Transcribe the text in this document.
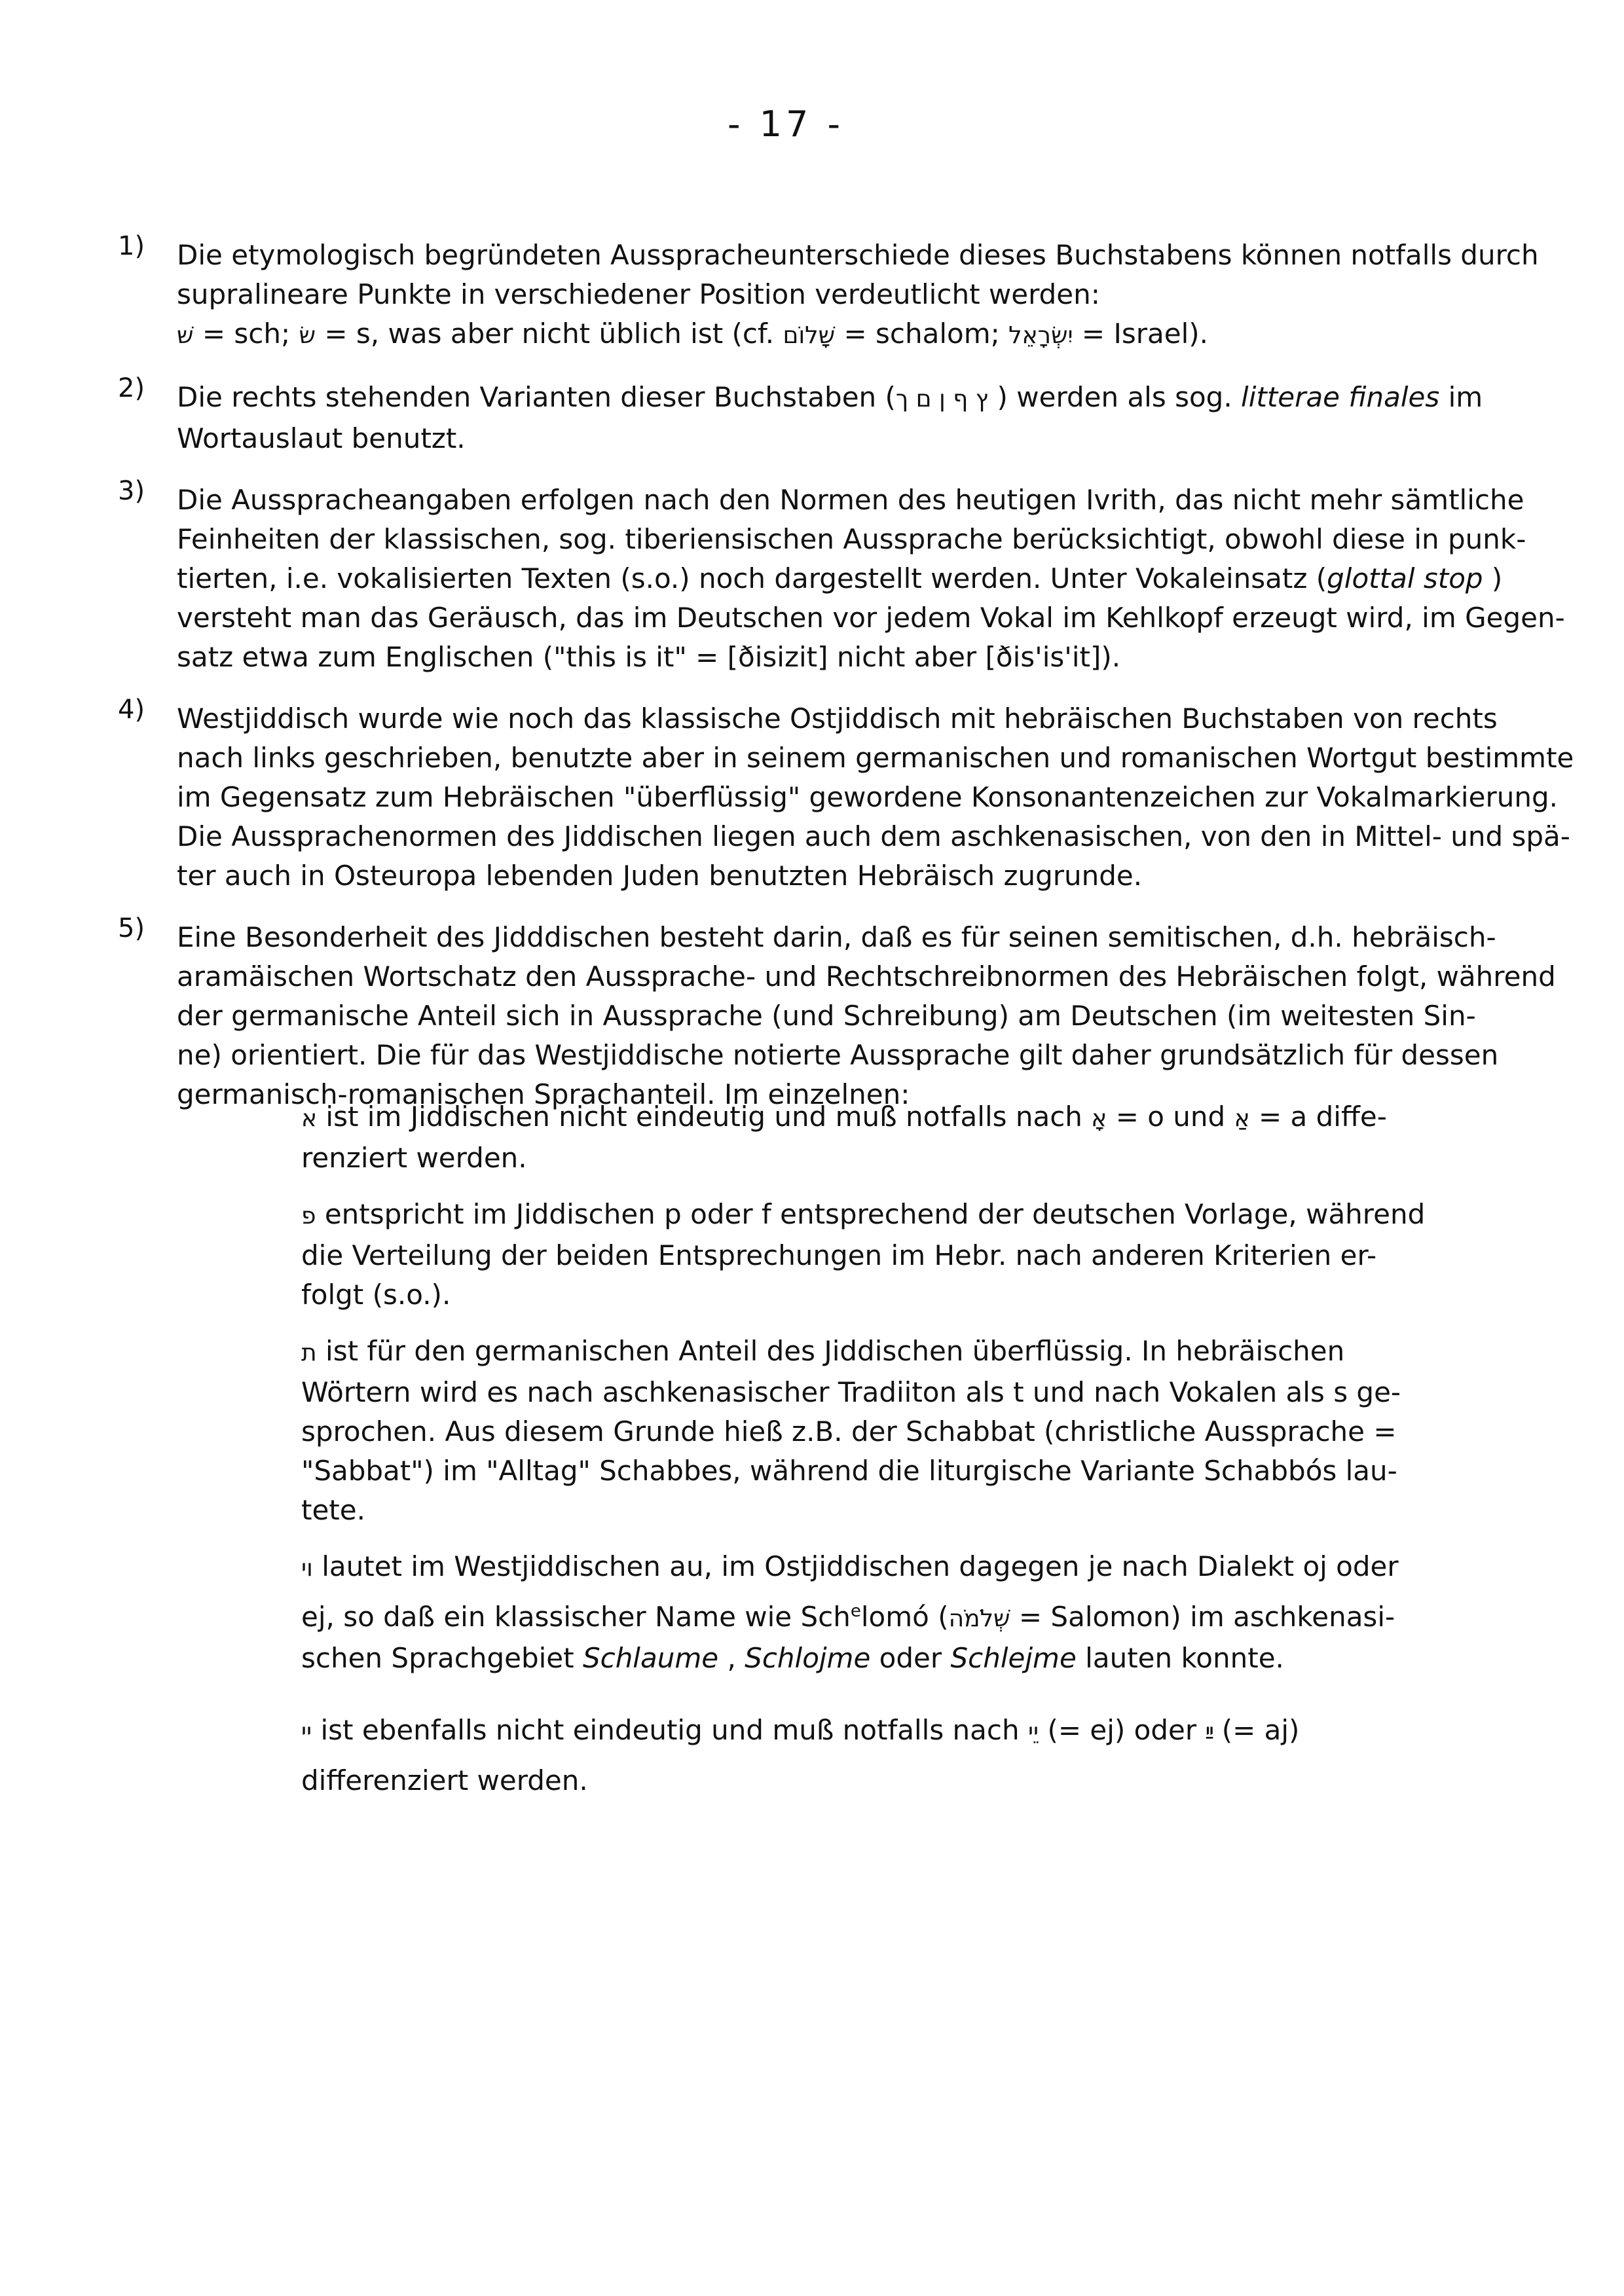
- 17 -
1) Die etymologisch begründeten Ausspracheunterschiede dieses Buchstabens können notfalls durch
supralineare Punkte in verschiedener Position verdeutlicht werden:
שׁ = sch; שׂ = s, was aber nicht üblich ist (cf. שָׁלוֹם = schalom; יִשְׂרָאֵל = Israel).
2) Die rechts stehenden Varianten dieser Buchstaben (ץ ף ן ם ך ) werden als sog. litterae finales im
Wortauslaut benutzt.
3) Die Ausspracheangaben erfolgen nach den Normen des heutigen Ivrith, das nicht mehr sämtliche
Feinheiten der klassischen, sog. tiberiensischen Aussprache berücksichtigt, obwohl diese in punk-
tierten, i.e. vokalisierten Texten (s.o.) noch dargestellt werden. Unter Vokaleinsatz (glottal stop )
versteht man das Geräusch, das im Deutschen vor jedem Vokal im Kehlkopf erzeugt wird, im Gegen-
satz etwa zum Englischen ("this is it" = [ðisizit] nicht aber [ðis'is'it]).
4) Westjiddisch wurde wie noch das klassische Ostjiddisch mit hebräischen Buchstaben von rechts
nach links geschrieben, benutzte aber in seinem germanischen und romanischen Wortgut bestimmte
im Gegensatz zum Hebräischen "überflüssig" gewordene Konsonantenzeichen zur Vokalmarkierung.
Die Aussprachenormen des Jiddischen liegen auch dem aschkenasischen, von den in Mittel- und spä-
ter auch in Osteuropa lebenden Juden benutzten Hebräisch zugrunde.
5) Eine Besonderheit des Jidddischen besteht darin, daß es für seinen semitischen, d.h. hebräisch-
aramäischen Wortschatz den Aussprache- und Rechtschreibnormen des Hebräischen folgt, während
der germanische Anteil sich in Aussprache (und Schreibung) am Deutschen (im weitesten Sin-
ne) orientiert. Die für das Westjiddische notierte Aussprache gilt daher grundsätzlich für dessen
germanisch-romanischen Sprachanteil. Im einzelnen:
א ist im Jiddischen nicht eindeutig und muß notfalls nach אָ = o und אַ = a diffe-
renziert werden.
פ entspricht im Jiddischen p oder f entsprechend der deutschen Vorlage, während
die Verteilung der beiden Entsprechungen im Hebr. nach anderen Kriterien er-
folgt (s.o.).
ת ist für den germanischen Anteil des Jiddischen überflüssig. In hebräischen
Wörtern wird es nach aschkenasischer Tradiiton als t und nach Vokalen als s ge-
sprochen. Aus diesem Grunde hieß z.B. der Schabbat (christliche Aussprache =
"Sabbat") im "Alltag" Schabbes, während die liturgische Variante Schabbós lau-
tete.
וי lautet im Westjiddischen au, im Ostjiddischen dagegen je nach Dialekt oj oder
ej, so daß ein klassischer Name wie Sch$^e$lomó (שְׁלֹמֹה = Salomon) im aschkenasi-
schen Sprachgebiet Schlaume , Schlojme oder Schlejme lauten konnte.
יי ist ebenfalls nicht eindeutig und muß notfalls nach יֵי (= ej) oder ײַ (= aj)
differenziert werden.
